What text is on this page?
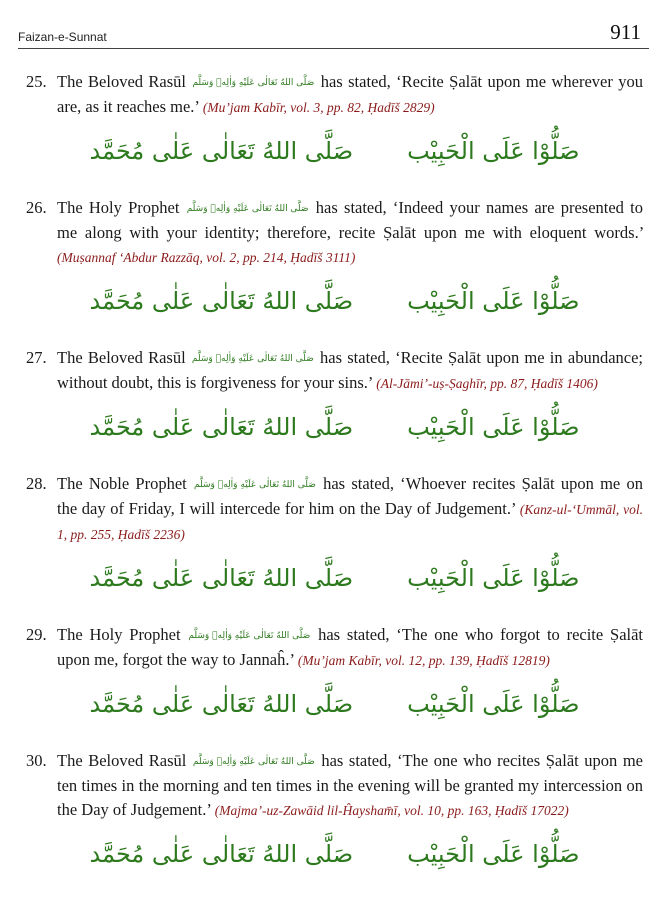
Faizan-e-Sunnat	911
25. The Beloved Rasūl صَلَّى اللهُ تَعَالٰى عَلَيْهِ وَاٰلِهٖ وَسَلَّم has stated, ‘Recite Ṣalāt upon me wherever you are, as it reaches me.’ (Mu’jam Kabīr, vol. 3, pp. 82, Ḥadīš 2829)
صَلُّوْا عَلَى الْحَبِيْب
صَلَّى اللهُ تَعَالٰى عَلٰى مُحَمَّد
26. The Holy Prophet صَلَّى اللهُ تَعَالٰى عَلَيْهِ وَاٰلِهٖ وَسَلَّم has stated, ‘Indeed your names are presented to me along with your identity; therefore, recite Ṣalāt upon me with eloquent words.’ (Muṣannaf ‘Abdur Razzāq, vol. 2, pp. 214, Ḥadīš 3111)
صَلُّوْا عَلَى الْحَبِيْب
صَلَّى اللهُ تَعَالٰى عَلٰى مُحَمَّد
27. The Beloved Rasūl صَلَّى اللهُ تَعَالٰى عَلَيْهِ وَاٰلِهٖ وَسَلَّم has stated, ‘Recite Ṣalāt upon me in abundance; without doubt, this is forgiveness for your sins.’ (Al-Jāmi’-uṣ-Ṣaghīr, pp. 87, Ḥadīš 1406)
صَلُّوْا عَلَى الْحَبِيْب
صَلَّى اللهُ تَعَالٰى عَلٰى مُحَمَّد
28. The Noble Prophet صَلَّى اللهُ تَعَالٰى عَلَيْهِ وَاٰلِهٖ وَسَلَّم has stated, ‘Whoever recites Ṣalāt upon me on the day of Friday, I will intercede for him on the Day of Judgement.’ (Kanz-ul-‘Ummāl, vol. 1, pp. 255, Ḥadīš 2236)
صَلُّوْا عَلَى الْحَبِيْب
صَلَّى اللهُ تَعَالٰى عَلٰى مُحَمَّد
29. The Holy Prophet صَلَّى اللهُ تَعَالٰى عَلَيْهِ وَاٰلِهٖ وَسَلَّم has stated, ‘The one who forgot to recite Ṣalāt upon me, forgot the way to Jannaĥ.’ (Mu’jam Kabīr, vol. 12, pp. 139, Ḥadīš 12819)
صَلُّوْا عَلَى الْحَبِيْب
صَلَّى اللهُ تَعَالٰى عَلٰى مُحَمَّد
30. The Beloved Rasūl صَلَّى اللهُ تَعَالٰى عَلَيْهِ وَاٰلِهٖ وَسَلَّم has stated, ‘The one who recites Ṣalāt upon me ten times in the morning and ten times in the evening will be granted my intercession on the Day of Judgement.’ (Majma’-uz-Zawāid lil-Ĥaysham̄ī, vol. 10, pp. 163, Ḥadīš 17022)
صَلُّوْا عَلَى الْحَبِيْب
صَلَّى اللهُ تَعَالٰى عَلٰى مُحَمَّد
